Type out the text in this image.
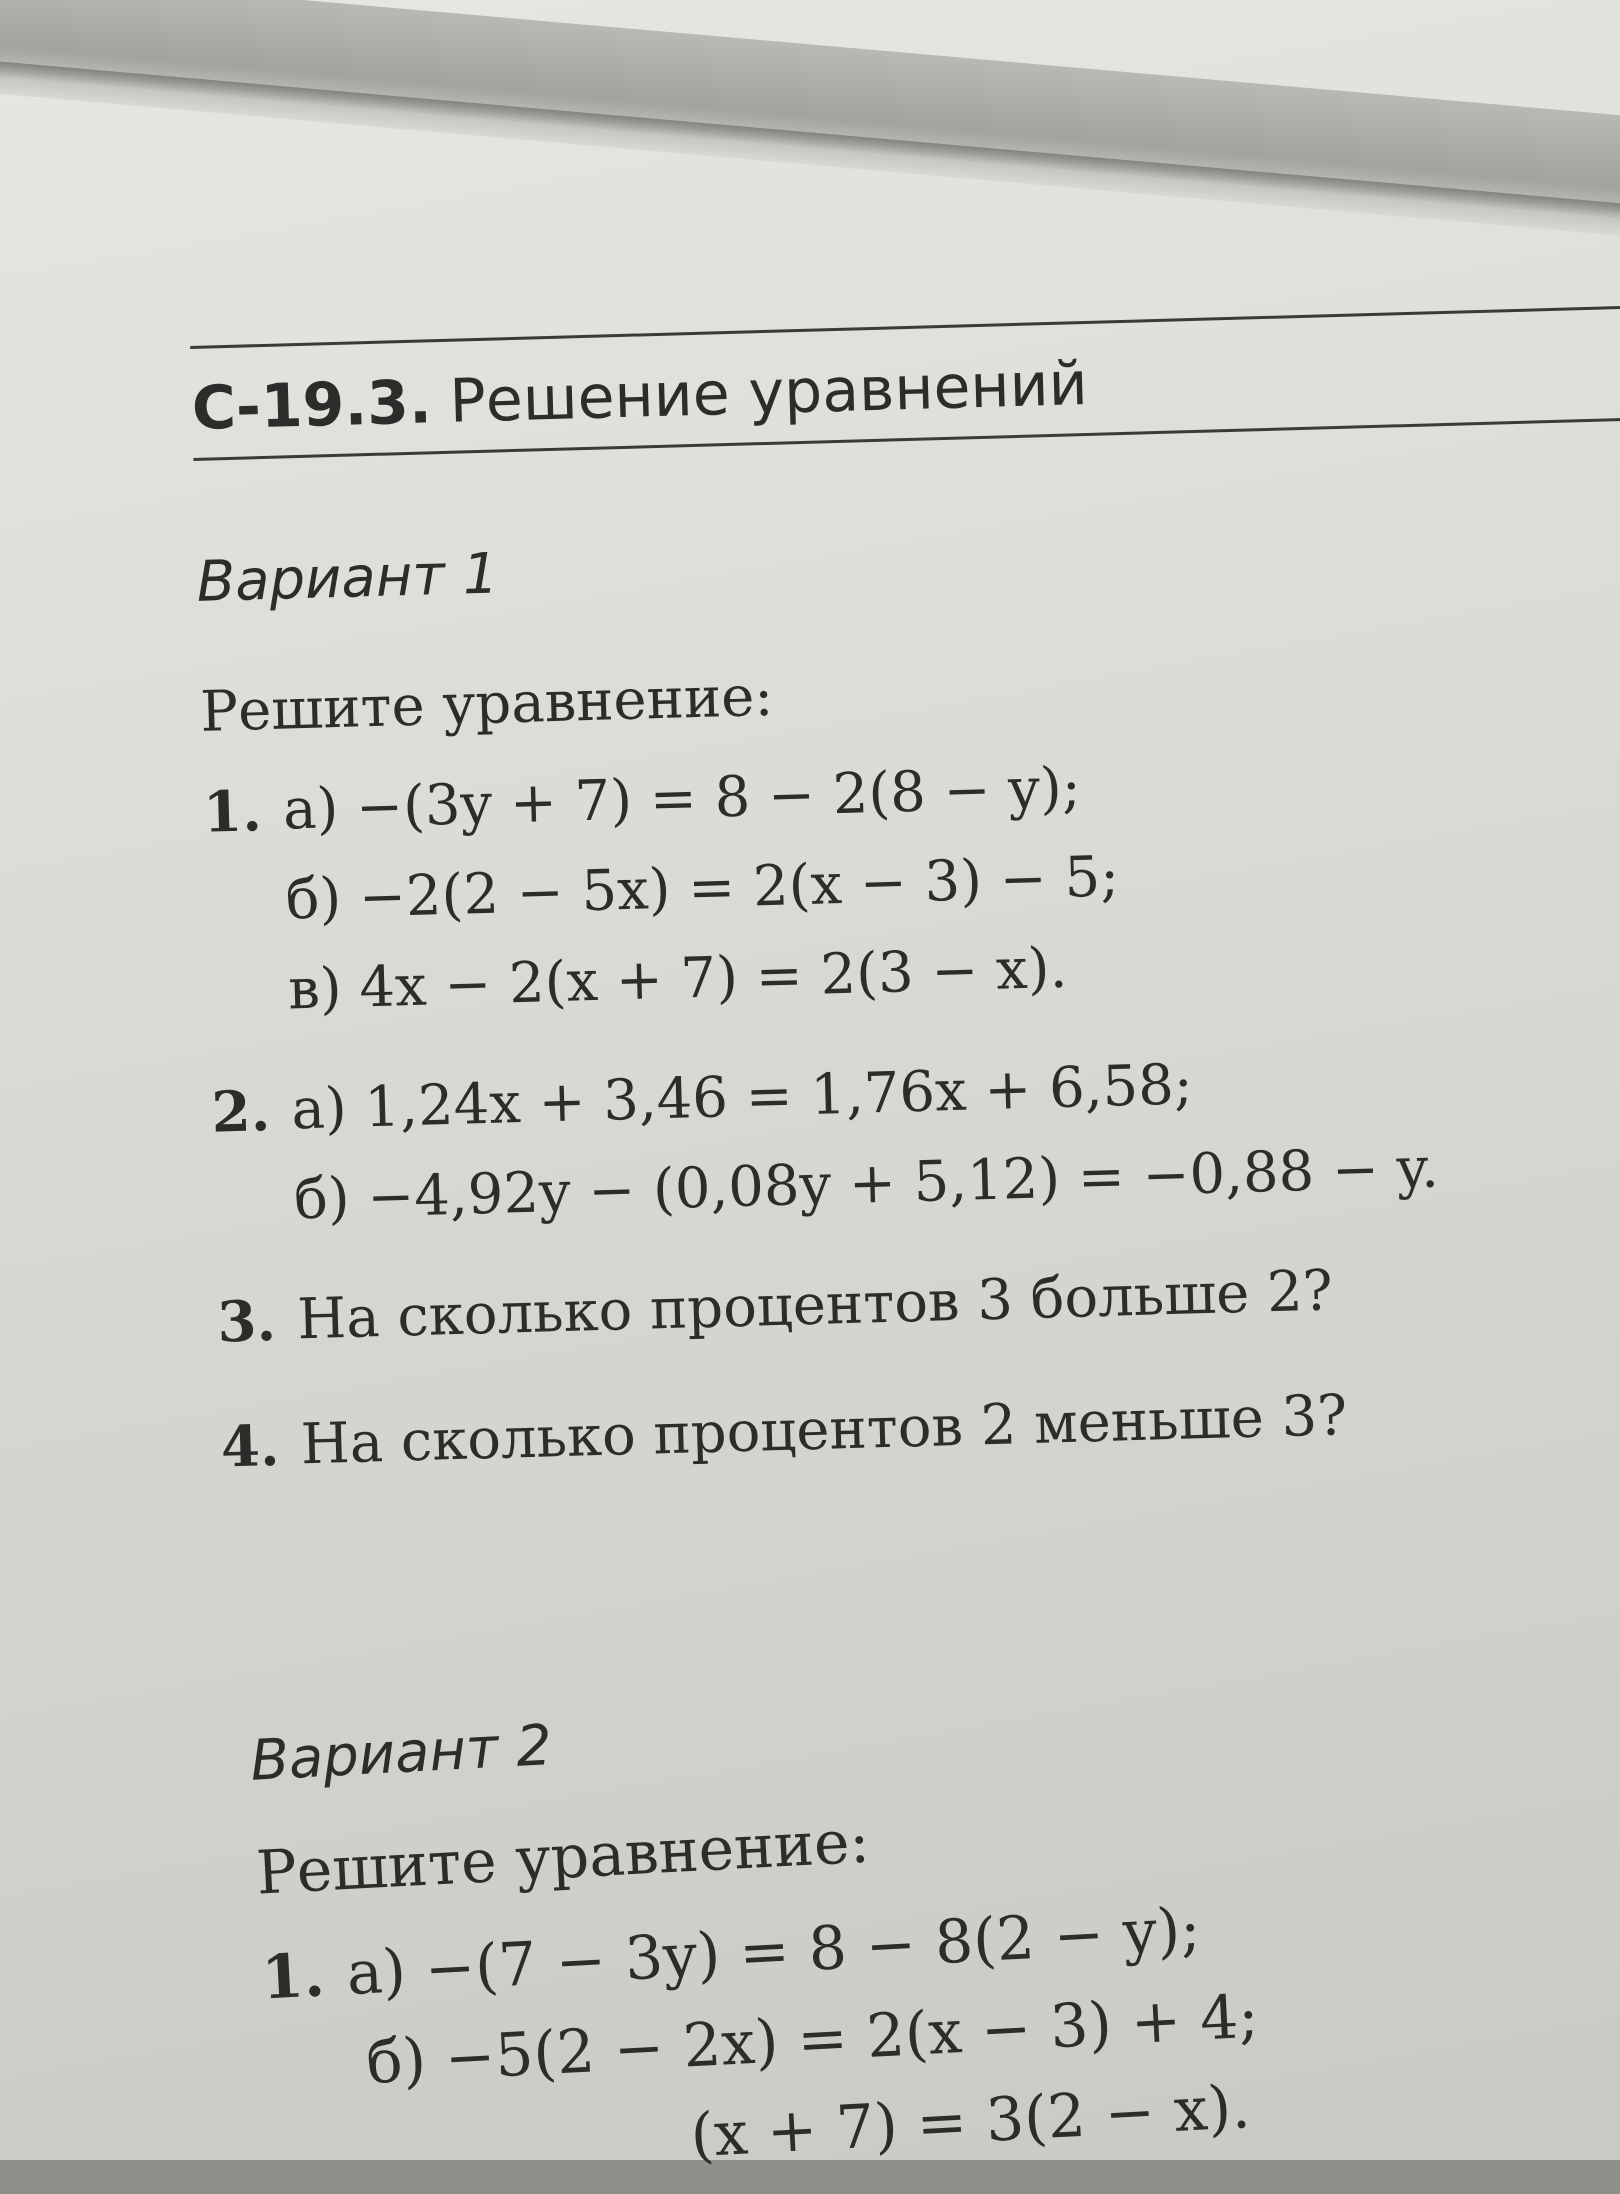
С-19.3. Решение уравнений
Вариант 1
Решите уравнение:
1. а) −(3y + 7) = 8 − 2(8 − y);
б) −2(2 − 5x) = 2(x − 3) − 5;
в) 4x − 2(x + 7) = 2(3 − x).
2. а) 1,24x + 3,46 = 1,76x + 6,58;
б) −4,92y − (0,08y + 5,12) = −0,88 − y.
3. На сколько процентов 3 больше 2?
4. На сколько процентов 2 меньше 3?
Вариант 2
Решите уравнение:
1. а) −(7 − 3y) = 8 − 8(2 − y);
б) −5(2 − 2x) = 2(x − 3) + 4;
(x + 7) = 3(2 − x).
